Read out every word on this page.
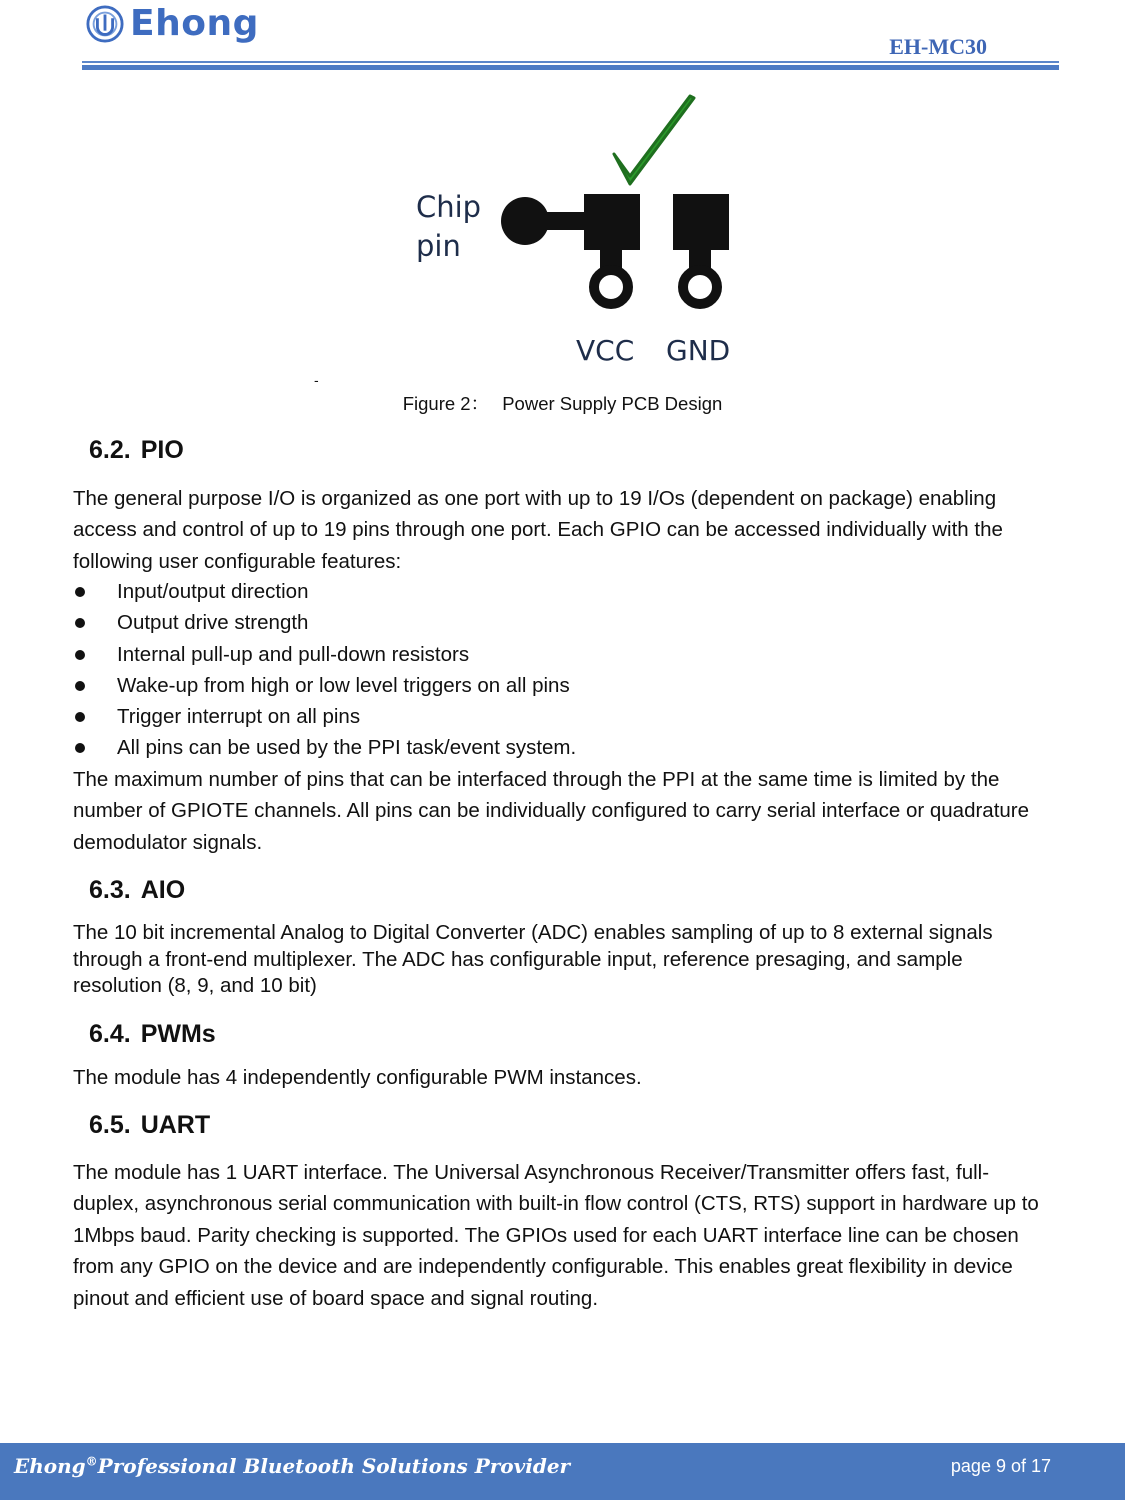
Ehong
EH-MC30
Chip
pin
VCC GND
-
Figure 2： Power Supply PCB Design
6.2. PIO

The general purpose I/O is organized as one port with up to 19 I/Os (dependent on package) enabling access and control of up to 19 pins through one port. Each GPIO can be accessed individually with the following user configurable features:

Input/output direction
Output drive strength
Internal pull-up and pull-down resistors
Wake-up from high or low level triggers on all pins
Trigger interrupt on all pins
All pins can be used by the PPI task/event system.

The maximum number of pins that can be interfaced through the PPI at the same time is limited by the number of GPIOTE channels. All pins can be individually configured to carry serial interface or quadrature demodulator signals.

6.3. AIO

The 10 bit incremental Analog to Digital Converter (ADC) enables sampling of up to 8 external signals through a front-end multiplexer. The ADC has configurable input, reference presaging, and sample resolution (8, 9, and 10 bit)

6.4. PWMs

The module has 4 independently configurable PWM instances.

6.5. UART

The module has 1 UART interface. The Universal Asynchronous Receiver/Transmitter offers fast, full-duplex, asynchronous serial communication with built-in flow control (CTS, RTS) support in hardware up to 1Mbps baud. Parity checking is supported. The GPIOs used for each UART interface line can be chosen from any GPIO on the device and are independently configurable. This enables great flexibility in device pinout and efficient use of board space and signal routing.

Ehong®Professional Bluetooth Solutions Provider	page 9 of 17
